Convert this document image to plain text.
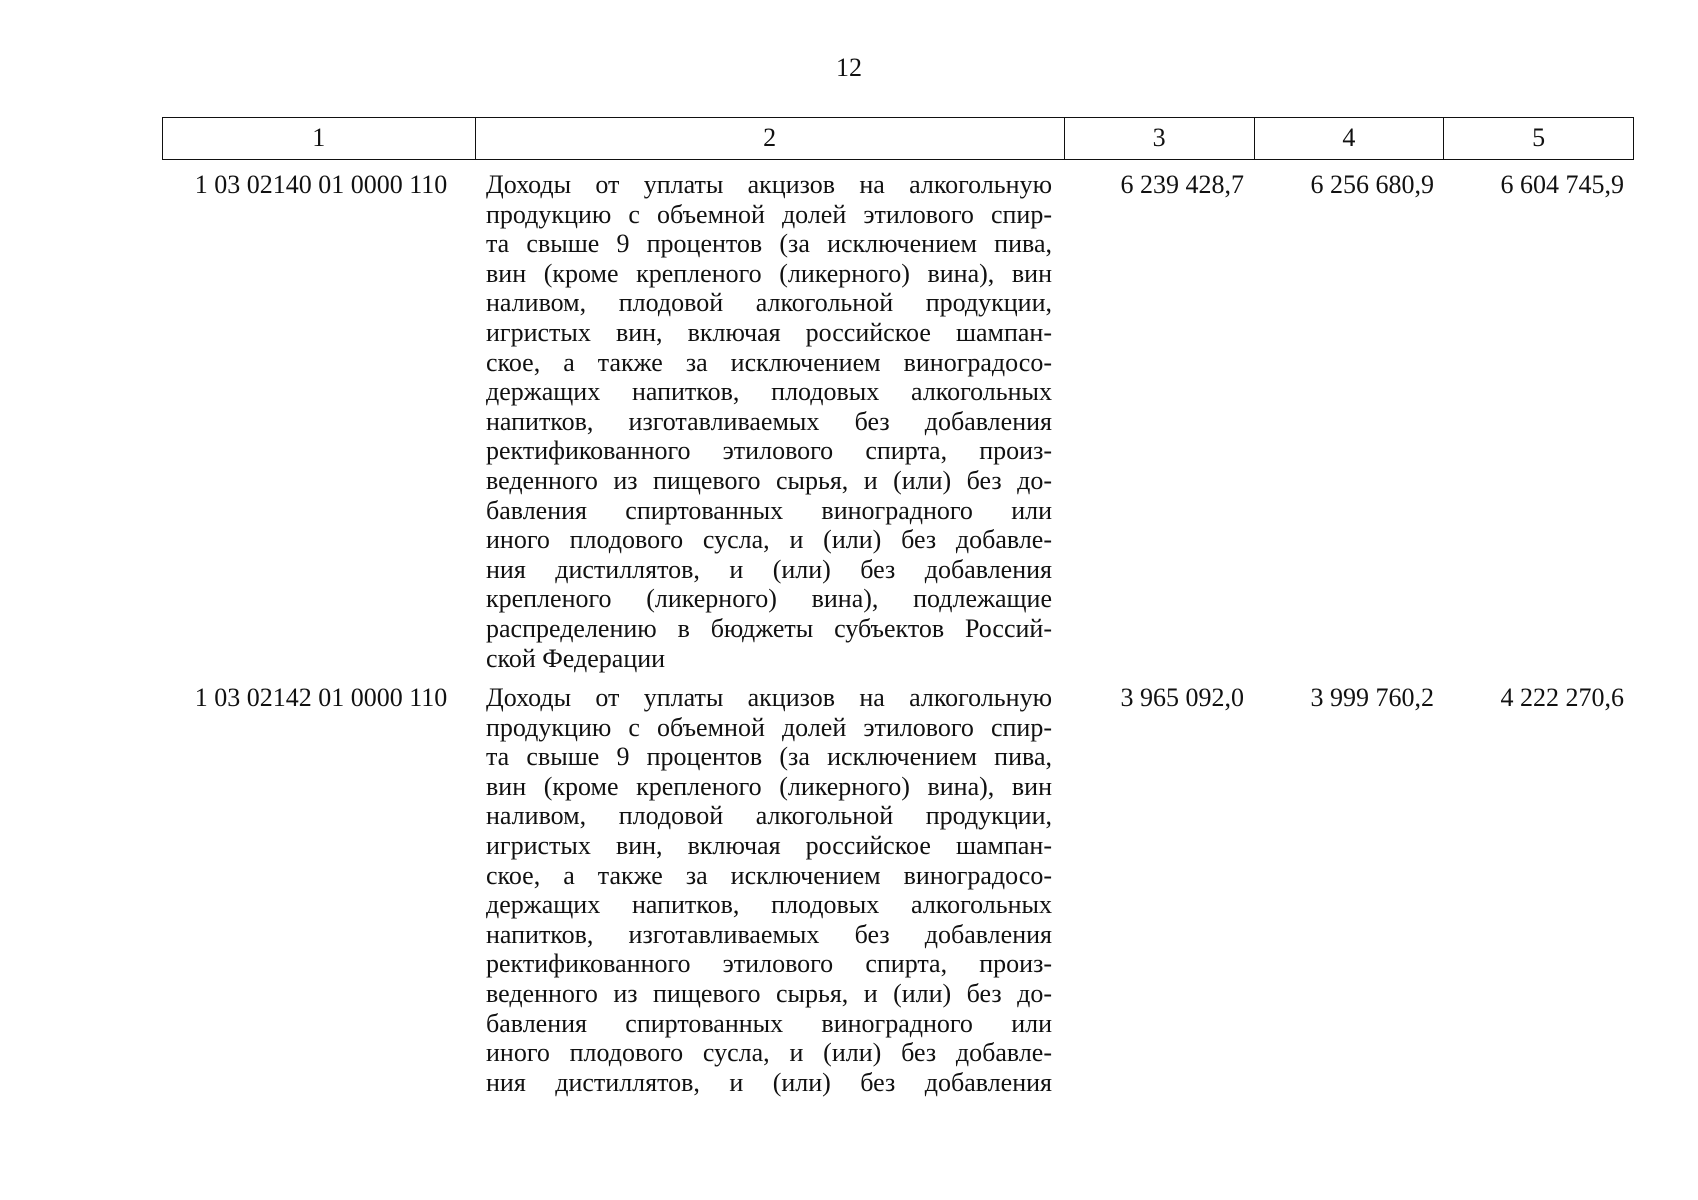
12
1	2	3	4	5
1 03 02140 01 0000 110	Доходы от уплаты акцизов на алкогольную
продукцию с объемной долей этилового спир-
та свыше 9 процентов (за исключением пива,
вин (кроме крепленого (ликерного) вина), вин
наливом, плодовой алкогольной продукции,
игристых вин, включая российское шампан-
ское, а также за исключением виноградосо-
держащих напитков, плодовых алкогольных
напитков, изготавливаемых без добавления
ректификованного этилового спирта, произ-
веденного из пищевого сырья, и (или) без до-
бавления спиртованных виноградного или
иного плодового сусла, и (или) без добавле-
ния дистиллятов, и (или) без добавления
крепленого (ликерного) вина), подлежащие
распределению в бюджеты субъектов Россий-
ской Федерации
6 239 428,7	6 256 680,9	6 604 745,9
1 03 02142 01 0000 110	Доходы от уплаты акцизов на алкогольную
продукцию с объемной долей этилового спир-
та свыше 9 процентов (за исключением пива,
вин (кроме крепленого (ликерного) вина), вин
наливом, плодовой алкогольной продукции,
игристых вин, включая российское шампан-
ское, а также за исключением виноградосо-
держащих напитков, плодовых алкогольных
напитков, изготавливаемых без добавления
ректификованного этилового спирта, произ-
веденного из пищевого сырья, и (или) без до-
бавления спиртованных виноградного или
иного плодового сусла, и (или) без добавле-
ния дистиллятов, и (или) без добавления
3 965 092,0	3 999 760,2	4 222 270,6
